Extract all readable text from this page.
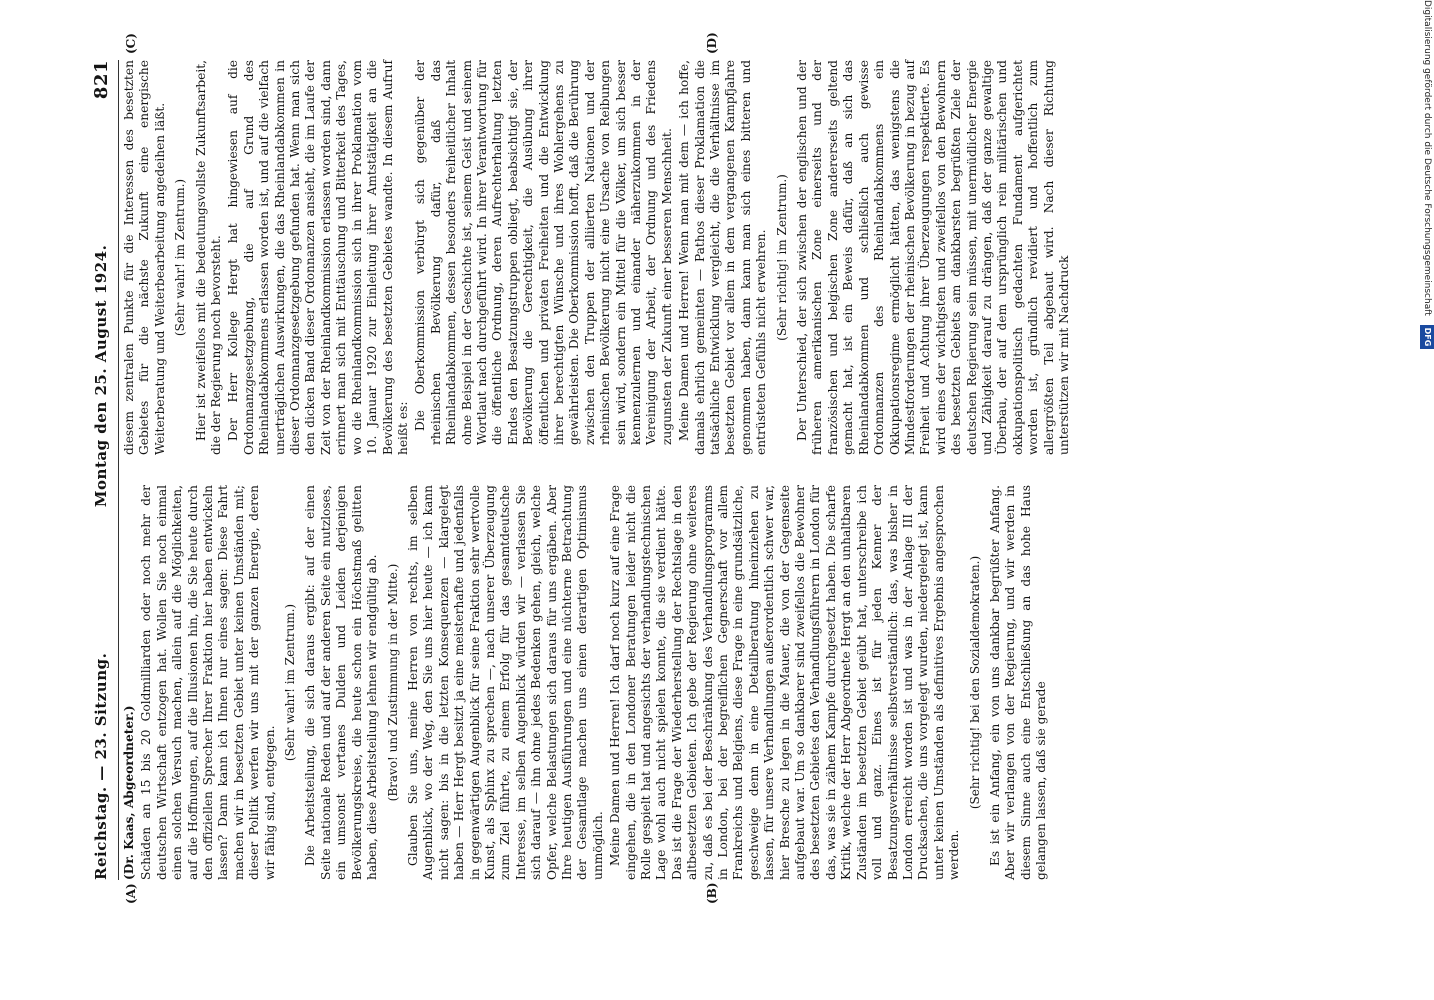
Reichstag. — 23. Sitzung.
Montag den 25. August 1924.
821
(A)	(B)
(C)	(D)

(Dr. Kaas, Abgeordneter.) Schäden an 15 bis 20 Goldmilliarden oder noch mehr der deutschen Wirtschaft entzogen hat. Wollen Sie noch einmal einen solchen Versuch machen, allein auf die Möglichkeiten, auf die Hoffnungen, auf die Illusionen hin, die Sie heute durch den offiziellen Sprecher Ihrer Fraktion hier haben entwickeln lassen? Dann kann ich Ihnen nur eines sagen: Diese Fahrt machen wir in besetzten Gebiet unter keinen Umständen mit; dieser Politik werfen wir uns mit der ganzen Energie, deren wir fähig sind, entgegen.

(Sehr wahr! im Zentrum.) Die Arbeitsteilung, die sich daraus ergibt: auf der einen Seite nationale Reden und auf der anderen Seite ein nutzloses, ein umsonst vertanes Dulden und Leiden derjenigen Bevölkerungskreise, die heute schon ein Höchstmaß gelitten haben, diese Arbeitsteilung lehnen wir endgültig ab. (Bravo! und Zustimmung in der Mitte.) Glauben Sie uns, meine Herren von rechts, im selben Augenblick, wo der Weg, den Sie uns hier heute — ich kann nicht sagen: bis in die letzten Konsequenzen — klargelegt haben — Herr Hergt besitzt ja eine meisterhafte und jedenfalls in gegenwärtigen Augenblick für seine Fraktion sehr wertvolle Kunst, als Sphinx zu sprechen —, nach unserer Überzeugung zum Ziel führte, zu einem Erfolg für das gesamtdeutsche Interesse, im selben Augenblick würden wir — verlassen Sie sich darauf — ihn ohne jedes Bedenken gehen, gleich, welche Opfer, welche Belastungen sich daraus für uns ergäben. Aber Ihre heutigen Ausführungen und eine nüchterne Betrachtung der Gesamtlage machen uns einen derartigen Optimismus unmöglich. Meine Damen und Herren! Ich darf noch kurz auf eine Frage eingehen, die in den Londoner Beratungen leider nicht die Rolle gespielt hat und angesichts der verhandlungstechnischen Lage wohl auch nicht spielen konnte, die sie verdient hätte. Das ist die Frage der Wiederherstellung der Rechtslage in den altbesetzten Gebieten. Ich gebe der Regierung ohne weiteres zu, daß es bei der Beschränkung des Verhandlungsprogramms in London, bei der begreiflichen Gegnerschaft vor allem Frankreichs und Belgiens, diese Frage in eine grundsätzliche, geschweige denn in eine Detailberatung hineinziehen zu lassen, für unsere Verhandlungen außerordentlich schwer war, hier Bresche zu legen in die Mauer, die von der Gegenseite aufgebaut war. Um so dankbarer sind zweifellos die Bewohner des besetzten Gebietes den Verhandlungsführern in London für das, was sie in zähem Kampfe durchgesetzt haben. Die scharfe Kritik, welche der Herr Abgeordnete Hergt an den unhaltbaren Zuständen im besetzten Gebiet geübt hat, unterschreibe ich voll und ganz. Eines ist für jeden Kenner der Besatzungsverhältnisse selbstverständlich: das, was bisher in London erreicht worden ist und was in der Anlage III der Drucksachen, die uns vorgelegt wurden, niedergelegt ist, kann unter keinen Umständen als definitives Ergebnis angesprochen werden.

(Sehr richtig! bei den Sozialdemokraten.) Es ist ein Anfang, ein von uns dankbar begrüßter Anfang. Aber wir verlangen von der Regierung, und wir werden in diesem Sinne auch eine Entschließung an das hohe Haus gelangen lassen, daß sie gerade

diesem zentralen Punkte für die Interessen des besetzten Gebietes für die nächste Zukunft eine energische Weiterberatung und Weiterbearbeitung angedeihen läßt. (Sehr wahr! im Zentrum.) Hier ist zweifellos mit die bedeutungsvollste Zukunftsarbeit, die der Regierung noch bevorsteht. Der Herr Kollege Hergt hat hingewiesen auf die Ordonnanzgesetzgebung, die auf Grund des Rheinlandabkommens erlassen worden ist, und auf die vielfach unerträglichen Auswirkungen, die das Rheinlandabkommen in dieser Ordonnanzgesetzgebung gefunden hat. Wenn man sich den dicken Band dieser Ordonnanzen ansieht, die im Laufe der Zeit von der Rheinlandkommission erlassen worden sind, dann erinnert man sich mit Enttäuschung und Bitterkeit des Tages, wo die Rheinlandkommission sich in ihrer Proklamation vom 10. Januar 1920 zur Einleitung ihrer Amtstätigkeit an die Bevölkerung des besetzten Gebietes wandte. In diesem Aufruf heißt es: Die Oberkommission verbürgt sich gegenüber der rheinischen Bevölkerung dafür, daß das Rheinlandabkommen, dessen besonders freiheitlicher Inhalt ohne Beispiel in der Geschichte ist, seinem Geist und seinem Wortlaut nach durchgeführt wird. In ihrer Verantwortung für die öffentliche Ordnung, deren Aufrechterhaltung letzten Endes den Besatzungstruppen obliegt, beabsichtigt sie, der Bevölkerung die Gerechtigkeit, die Ausübung ihrer öffentlichen und privaten Freiheiten und die Entwicklung ihrer berechtigten Wünsche und ihres Wohlergehens zu gewährleisten. Die Oberkommission hofft, daß die Berührung zwischen den Truppen der alliierten Nationen und der rheinischen Bevölkerung nicht eine Ursache von Reibungen sein wird, sondern ein Mittel für die Völker, um sich besser kennenzulernen und einander näherzukommen in der Vereinigung der Arbeit, der Ordnung und des Friedens zugunsten der Zukunft einer besseren Menschheit. Meine Damen und Herren! Wenn man mit dem — ich hoffe, damals ehrlich gemeinten — Pathos dieser Proklamation die tatsächliche Entwicklung vergleicht, die die Verhältnisse im besetzten Gebiet vor allem in dem vergangenen Kampfjahre genommen haben, dann kann man sich eines bitteren und entrüsteten Gefühls nicht erwehren. (Sehr richtig! im Zentrum.) Der Unterschied, der sich zwischen der englischen und der früheren amerikanischen Zone einerseits und der französischen und belgischen Zone andererseits geltend gemacht hat, ist ein Beweis dafür, daß an sich das Rheinlandabkommen und schließlich auch gewisse Ordonnanzen des Rheinlandabkommens ein Okkupationsregime ermöglicht hätten, das wenigstens die Mindestforderungen der rheinischen Bevölkerung in bezug auf Freiheit und Achtung ihrer Überzeugungen respektierte. Es wird eines der wichtigsten und zweifellos von den Bewohnern des besetzten Gebiets am dankbarsten begrüßten Ziele der deutschen Regierung sein müssen, mit unermüdlicher Energie und Zähigkeit darauf zu drängen, daß der ganze gewaltige Überbau, der auf dem ursprünglich rein militärischen und okkupationspolitisch gedachten Fundament aufgerichtet worden ist, gründlich revidiert und hoffentlich zum allergrößten Teil abgebaut wird. Nach dieser Richtung unterstützen wir mit Nachdruck

Digitalisierung gefördert durch die Deutsche Forschungsgemeinschaft DFG
